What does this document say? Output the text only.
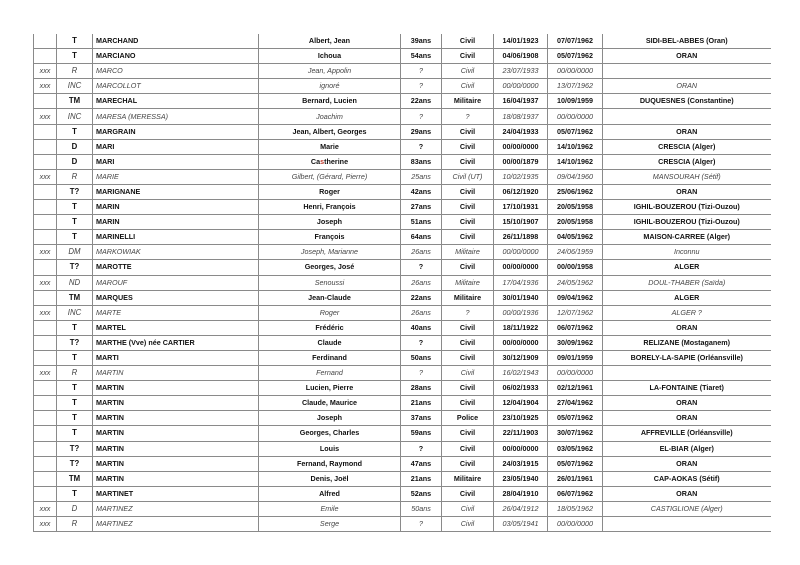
	T	MARCHAND	Albert, Jean	39ans	Civil	14/01/1923	07/07/1962	SIDI-BEL-ABBES (Oran)
	T	MARCIANO	Ichoua	54ans	Civil	04/06/1908	05/07/1962	ORAN
xxx	R	MARCO	Jean, Appolin	?	Civil	23/07/1933	00/00/0000	
xxx	INC	MARCOLLOT	ignoré	?	Civil	00/00/0000	13/07/1962	ORAN
	TM	MARECHAL	Bernard, Lucien	22ans	Militaire	16/04/1937	10/09/1959	DUQUESNES (Constantine)
xxx	INC	MARESA (MERESSA)	Joachim	?	?	18/08/1937	00/00/0000	
	T	MARGRAIN	Jean, Albert, Georges	29ans	Civil	24/04/1933	05/07/1962	ORAN
	D	MARI	Marie	?	Civil	00/00/0000	14/10/1962	CRESCIA (Alger)
	D	MARI	Castherine	83ans	Civil	00/00/1879	14/10/1962	CRESCIA (Alger)
xxx	R	MARIE	Gilbert, (Gérard, Pierre)	25ans	Civil (UT)	10/02/1935	09/04/1960	MANSOURAH (Sétif)
	T?	MARIGNANE	Roger	42ans	Civil	06/12/1920	25/06/1962	ORAN
	T	MARIN	Henri, François	27ans	Civil	17/10/1931	20/05/1958	IGHIL-BOUZEROU (Tizi-Ouzou)
	T	MARIN	Joseph	51ans	Civil	15/10/1907	20/05/1958	IGHIL-BOUZEROU (Tizi-Ouzou)
	T	MARINELLI	François	64ans	Civil	26/11/1898	04/05/1962	MAISON-CARREE (Alger)
xxx	DM	MARKOWIAK	Joseph, Marianne	26ans	Militaire	00/00/0000	24/06/1959	Inconnu
	T?	MAROTTE	Georges, José	?	Civil	00/00/0000	00/00/1958	ALGER
xxx	ND	MAROUF	Senoussi	26ans	Militaire	17/04/1936	24/05/1962	DOUL-THABER (Saïda)
	TM	MARQUES	Jean-Claude	22ans	Militaire	30/01/1940	09/04/1962	ALGER
xxx	INC	MARTE	Roger	26ans	?	00/00/1936	12/07/1962	ALGER ?
	T	MARTEL	Frédéric	40ans	Civil	18/11/1922	06/07/1962	ORAN
	T?	MARTHE (Vve) née CARTIER	Claude	?	Civil	00/00/0000	30/09/1962	RELIZANE (Mostaganem)
	T	MARTI	Ferdinand	50ans	Civil	30/12/1909	09/01/1959	BORELY-LA-SAPIE (Orléansville)
xxx	R	MARTIN	Fernand	?	Civil	16/02/1943	00/00/0000	
	T	MARTIN	Lucien, Pierre	28ans	Civil	06/02/1933	02/12/1961	LA-FONTAINE (Tiaret)
	T	MARTIN	Claude, Maurice	21ans	Civil	12/04/1904	27/04/1962	ORAN
	T	MARTIN	Joseph	37ans	Police	23/10/1925	05/07/1962	ORAN
	T	MARTIN	Georges, Charles	59ans	Civil	22/11/1903	30/07/1962	AFFREVILLE (Orléansville)
	T?	MARTIN	Louis	?	Civil	00/00/0000	03/05/1962	EL-BIAR (Alger)
	T?	MARTIN	Fernand, Raymond	47ans	Civil	24/03/1915	05/07/1962	ORAN
	TM	MARTIN	Denis, Joël	21ans	Militaire	23/05/1940	26/01/1961	CAP-AOKAS (Sétif)
	T	MARTINET	Alfred	52ans	Civil	28/04/1910	06/07/1962	ORAN
xxx	D	MARTINEZ	Emile	50ans	Civil	26/04/1912	18/05/1962	CASTIGLIONE (Alger)
xxx	R	MARTINEZ	Serge	?	Civil	03/05/1941	00/00/0000	
